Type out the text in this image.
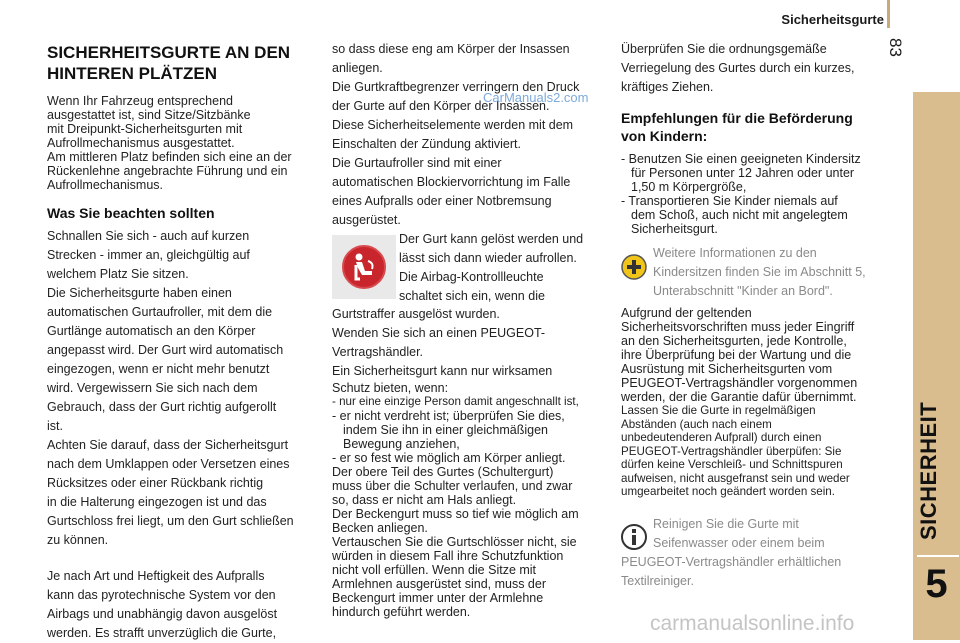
Sicherheitsgurte
83
SICHERHEIT
5
SICHERHEITSGURTE AN DEN HINTEREN PLÄTZEN
Wenn Ihr Fahrzeug entsprechend
ausgestattet ist, sind Sitze/Sitzbänke
mit Dreipunkt-Sicherheitsgurten mit
Aufrollmechanismus ausgestattet.
Am mittleren Platz befinden sich eine an der
Rückenlehne angebrachte Führung und ein
Aufrollmechanismus.
Was Sie beachten sollten
Schnallen Sie sich - auch auf kurzen
Strecken - immer an, gleichgültig auf
welchem Platz Sie sitzen.
Die Sicherheitsgurte haben einen
automatischen Gurtaufroller, mit dem die
Gurtlänge automatisch an den Körper
angepasst wird. Der Gurt wird automatisch
eingezogen, wenn er nicht mehr benutzt
wird. Vergewissern Sie sich nach dem
Gebrauch, dass der Gurt richtig aufgerollt
ist.
Achten Sie darauf, dass der Sicherheitsgurt
nach dem Umklappen oder Versetzen eines
Rücksitzes oder einer Rückbank richtig
in die Halterung eingezogen ist und das
Gurtschloss frei liegt, um den Gurt schließen
zu können.
Je nach Art und Heftigkeit des Aufpralls
kann das pyrotechnische System vor den
Airbags und unabhängig davon ausgelöst
werden. Es strafft unverzüglich die Gurte,
so dass diese eng am Körper der Insassen
anliegen.
Die Gurtkraftbegrenzer verringern den Druck
der Gurte auf den Körper der Insassen.
Diese Sicherheitselemente werden mit dem
Einschalten der Zündung aktiviert.
Die Gurtaufroller sind mit einer
automatischen Blockiervorrichtung im Falle
eines Aufpralls oder einer Notbremsung
ausgerüstet.
Der Gurt kann gelöst werden und
lässt sich dann wieder aufrollen.
Die Airbag-Kontrollleuchte
schaltet sich ein, wenn die
Gurtstraffer ausgelöst wurden.
Wenden Sie sich an einen PEUGEOT-
Vertragshändler.
Ein Sicherheitsgurt kann nur wirksamen
Schutz bieten, wenn:
- nur eine einzige Person damit angeschnallt ist,
- er nicht verdreht ist; überprüfen Sie dies,
indem Sie ihn in einer gleichmäßigen
Bewegung anziehen,
- er so fest wie möglich am Körper anliegt.
Der obere Teil des Gurtes (Schultergurt)
muss über die Schulter verlaufen, und zwar
so, dass er nicht am Hals anliegt.
Der Beckengurt muss so tief wie möglich am
Becken anliegen.
Vertauschen Sie die Gurtschlösser nicht, sie
würden in diesem Fall ihre Schutzfunktion
nicht voll erfüllen. Wenn die Sitze mit
Armlehnen ausgerüstet sind, muss der
Beckengurt immer unter der Armlehne
hindurch geführt werden.
Überprüfen Sie die ordnungsgemäße
Verriegelung des Gurtes durch ein kurzes,
kräftiges Ziehen.
Empfehlungen für die Beförderung
von Kindern:
- Benutzen Sie einen geeigneten Kindersitz
für Personen unter 12 Jahren oder unter
1,50 m Körpergröße,
- Transportieren Sie Kinder niemals auf
dem Schoß, auch nicht mit angelegtem
Sicherheitsgurt.
Weitere Informationen zu den
Kindersitzen finden Sie im Abschnitt 5,
Unterabschnitt "Kinder an Bord".
Aufgrund der geltenden
Sicherheitsvorschriften muss jeder Eingriff
an den Sicherheitsgurten, jede Kontrolle,
ihre Überprüfung bei der Wartung und die
Ausrüstung mit Sicherheitsgurten vom
PEUGEOT-Vertragshändler vorgenommen
werden, der die Garantie dafür übernimmt.
Lassen Sie die Gurte in regelmäßigen
Abständen (auch nach einem
unbedeutenderen Aufprall) durch einen
PEUGEOT-Vertragshändler überpüfen: Sie
dürfen keine Verschleiß- und Schnittspuren
aufweisen, nicht ausgefranst sein und weder
umgearbeitet noch geändert worden sein.
Reinigen Sie die Gurte mit
Seifenwasser oder einem beim
PEUGEOT-Vertragshändler erhältlichen
Textilreiniger.
CarManuals2.com
carmanualsonline.info
